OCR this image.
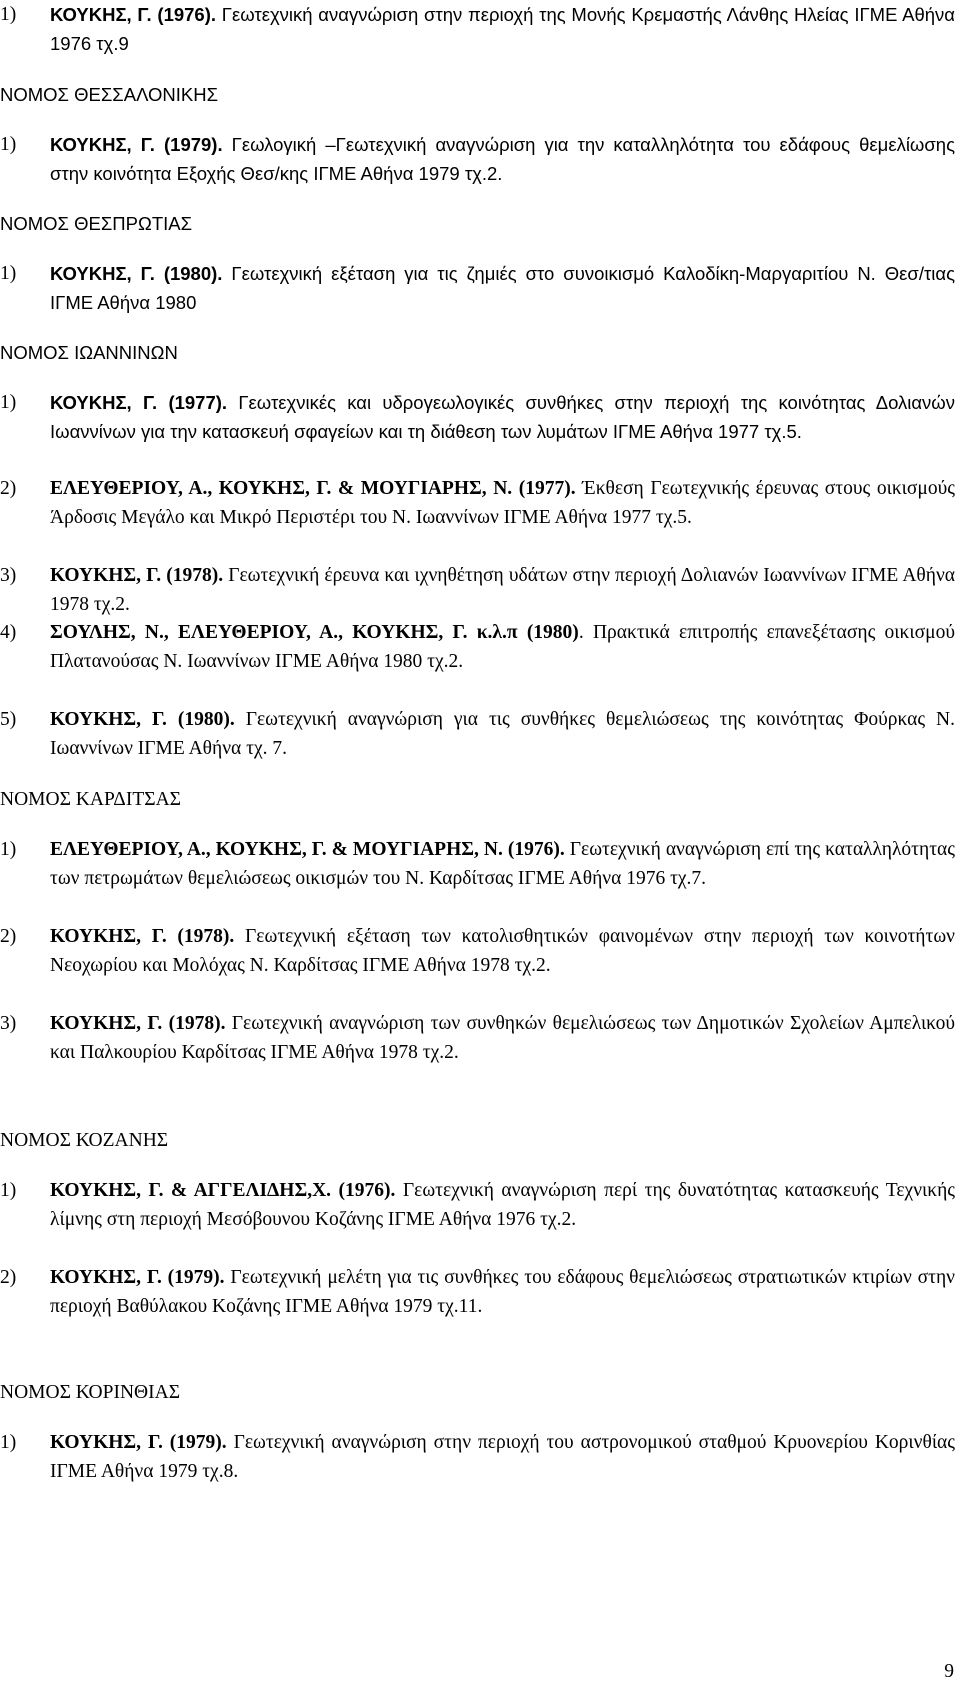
1) ΚΟΥΚΗΣ, Γ. (1976). Γεωτεχνική αναγνώριση στην περιοχή της Μονής Κρεμαστής Λάνθης Ηλείας ΙΓΜΕ Αθήνα 1976 τχ.9
ΝΟΜΟΣ ΘΕΣΣΑΛΟΝΙΚΗΣ
1) ΚΟΥΚΗΣ, Γ. (1979). Γεωλογική –Γεωτεχνική αναγνώριση για την καταλληλότητα του εδάφους θεμελίωσης στην κοινότητα Εξοχής Θεσ/κης ΙΓΜΕ Αθήνα 1979 τχ.2.
ΝΟΜΟΣ ΘΕΣΠΡΩΤΙΑΣ
1) ΚΟΥΚΗΣ, Γ. (1980). Γεωτεχνική εξέταση για τις ζημιές στο συνοικισμό Καλοδίκη-Μαργαριτίου Ν. Θεσ/τιας ΙΓΜΕ Αθήνα 1980
ΝΟΜΟΣ ΙΩΑΝΝΙΝΩΝ
1) ΚΟΥΚΗΣ, Γ. (1977). Γεωτεχνικές και υδρογεωλογικές συνθήκες στην περιοχή της κοινότητας Δολιανών Ιωαννίνων για την κατασκευή σφαγείων και τη διάθεση των λυμάτων ΙΓΜΕ Αθήνα 1977 τχ.5.
2) ΕΛΕΥΘΕΡΙΟΥ, Α., ΚΟΥΚΗΣ, Γ. & ΜΟΥΓΙΑΡΗΣ, Ν. (1977). Έκθεση Γεωτεχνικής έρευνας στους οικισμούς Άρδοσις Μεγάλο και Μικρό Περιστέρι του Ν. Ιωαννίνων ΙΓΜΕ Αθήνα 1977 τχ.5.
3) ΚΟΥΚΗΣ, Γ. (1978). Γεωτεχνική έρευνα και ιχνηθέτηση υδάτων στην περιοχή Δολιανών Ιωαννίνων ΙΓΜΕ Αθήνα 1978 τχ.2.
4) ΣΟΥΛΗΣ, Ν., ΕΛΕΥΘΕΡΙΟΥ, Α., ΚΟΥΚΗΣ, Γ. κ.λ.π (1980). Πρακτικά επιτροπής επανεξέτασης οικισμού Πλατανούσας Ν. Ιωαννίνων ΙΓΜΕ Αθήνα 1980 τχ.2.
5) ΚΟΥΚΗΣ, Γ. (1980). Γεωτεχνική αναγνώριση για τις συνθήκες θεμελιώσεως της κοινότητας Φούρκας Ν. Ιωαννίνων ΙΓΜΕ Αθήνα τχ. 7.
ΝΟΜΟΣ ΚΑΡΔΙΤΣΑΣ
1) ΕΛΕΥΘΕΡΙΟΥ, Α., ΚΟΥΚΗΣ, Γ. & ΜΟΥΓΙΑΡΗΣ, Ν. (1976). Γεωτεχνική αναγνώριση επί της καταλληλότητας των πετρωμάτων θεμελιώσεως οικισμών του Ν. Καρδίτσας ΙΓΜΕ Αθήνα 1976 τχ.7.
2) ΚΟΥΚΗΣ, Γ. (1978). Γεωτεχνική εξέταση των κατολισθητικών φαινομένων στην περιοχή των κοινοτήτων Νεοχωρίου και Μολόχας Ν. Καρδίτσας ΙΓΜΕ Αθήνα 1978 τχ.2.
3) ΚΟΥΚΗΣ, Γ. (1978). Γεωτεχνική αναγνώριση των συνθηκών θεμελιώσεως των Δημοτικών Σχολείων Αμπελικού και Παλκουρίου Καρδίτσας ΙΓΜΕ Αθήνα 1978 τχ.2.
ΝΟΜΟΣ ΚΟΖΑΝΗΣ
1) ΚΟΥΚΗΣ, Γ. & ΑΓΓΕΛΙΔΗΣ,Χ. (1976). Γεωτεχνική αναγνώριση περί της δυνατότητας κατασκευής Τεχνικής λίμνης στη περιοχή Μεσόβουνου Κοζάνης ΙΓΜΕ Αθήνα 1976 τχ.2.
2) ΚΟΥΚΗΣ, Γ. (1979). Γεωτεχνική μελέτη για τις συνθήκες του εδάφους θεμελιώσεως στρατιωτικών κτιρίων στην περιοχή Βαθύλακου Κοζάνης ΙΓΜΕ Αθήνα 1979 τχ.11.
ΝΟΜΟΣ ΚΟΡΙΝΘΙΑΣ
1) ΚΟΥΚΗΣ, Γ. (1979). Γεωτεχνική αναγνώριση στην περιοχή του αστρονομικού σταθμού Κρυονερίου Κορινθίας ΙΓΜΕ Αθήνα 1979 τχ.8.
9
